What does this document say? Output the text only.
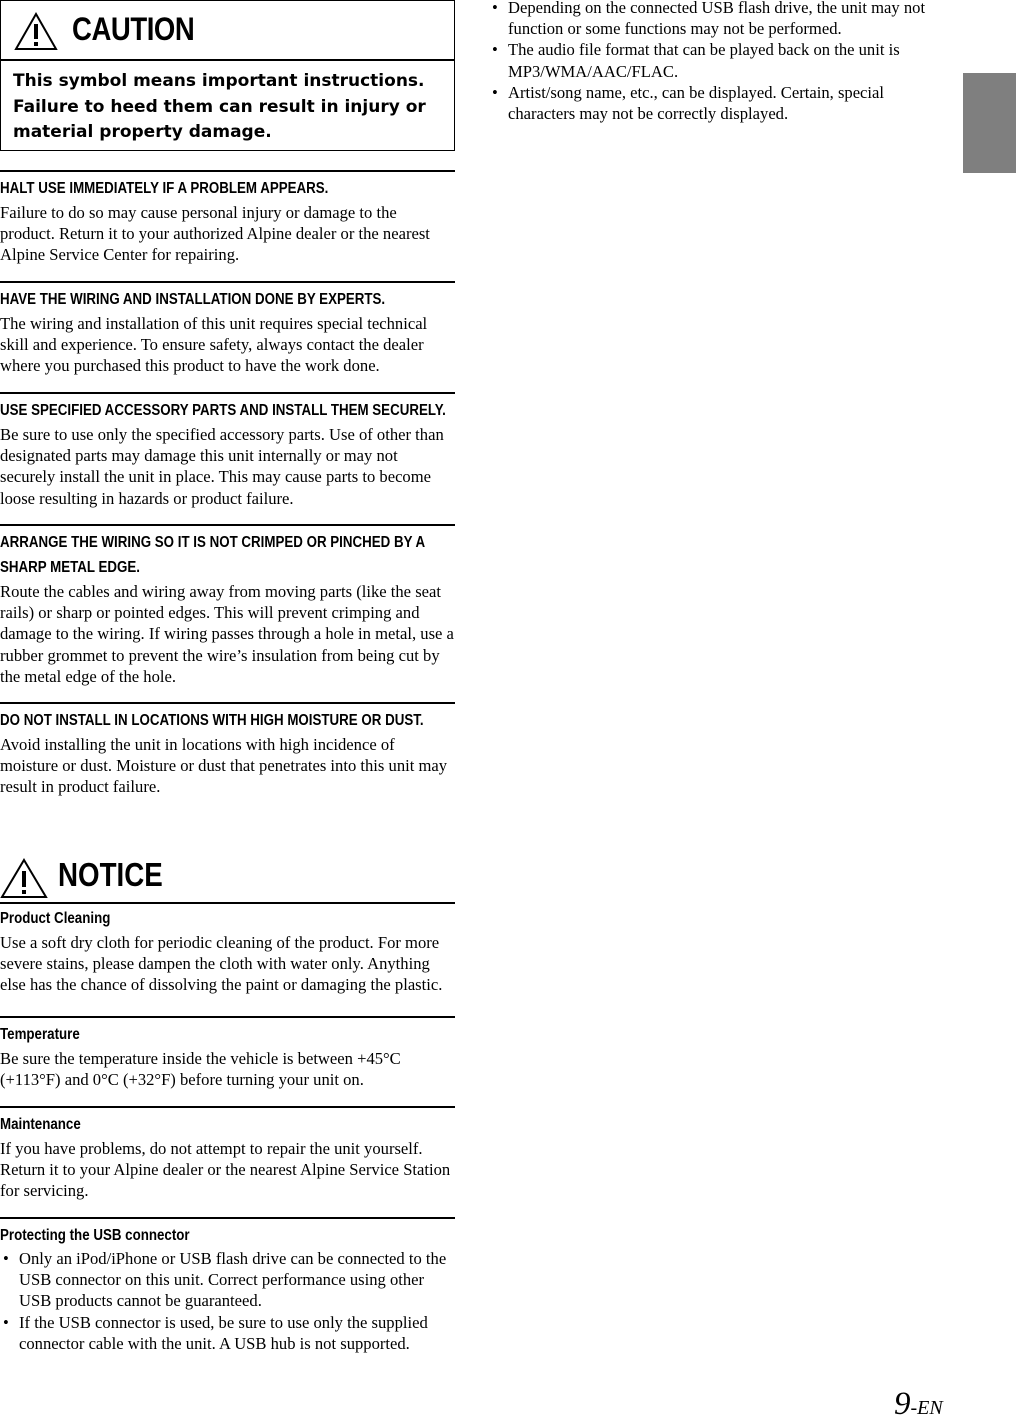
CAUTION
This symbol means important instructions. Failure to heed them can result in injury or material property damage.
HALT USE IMMEDIATELY IF A PROBLEM APPEARS.
Failure to do so may cause personal injury or damage to the product. Return it to your authorized Alpine dealer or the nearest Alpine Service Center for repairing.
HAVE THE WIRING AND INSTALLATION DONE BY EXPERTS.
The wiring and installation of this unit requires special technical skill and experience. To ensure safety, always contact the dealer where you purchased this product to have the work done.
USE SPECIFIED ACCESSORY PARTS AND INSTALL THEM SECURELY.
Be sure to use only the specified accessory parts. Use of other than designated parts may damage this unit internally or may not securely install the unit in place. This may cause parts to become loose resulting in hazards or product failure.
ARRANGE THE WIRING SO IT IS NOT CRIMPED OR PINCHED BY A SHARP METAL EDGE.
Route the cables and wiring away from moving parts (like the seat rails) or sharp or pointed edges. This will prevent crimping and damage to the wiring. If wiring passes through a hole in metal, use a rubber grommet to prevent the wire’s insulation from being cut by the metal edge of the hole.
DO NOT INSTALL IN LOCATIONS WITH HIGH MOISTURE OR DUST.
Avoid installing the unit in locations with high incidence of moisture or dust. Moisture or dust that penetrates into this unit may result in product failure.
NOTICE
Product Cleaning
Use a soft dry cloth for periodic cleaning of the product. For more severe stains, please dampen the cloth with water only. Anything else has the chance of dissolving the paint or damaging the plastic.
Temperature
Be sure the temperature inside the vehicle is between +45°C (+113°F) and 0°C (+32°F) before turning your unit on.
Maintenance
If you have problems, do not attempt to repair the unit yourself. Return it to your Alpine dealer or the nearest Alpine Service Station for servicing.
Protecting the USB connector
• Only an iPod/iPhone or USB flash drive can be connected to the USB connector on this unit. Correct performance using other USB products cannot be guaranteed.
• If the USB connector is used, be sure to use only the supplied connector cable with the unit. A USB hub is not supported.
• Depending on the connected USB flash drive, the unit may not function or some functions may not be performed.
• The audio file format that can be played back on the unit is MP3/WMA/AAC/FLAC.
• Artist/song name, etc., can be displayed. Certain, special characters may not be correctly displayed.
9-EN
